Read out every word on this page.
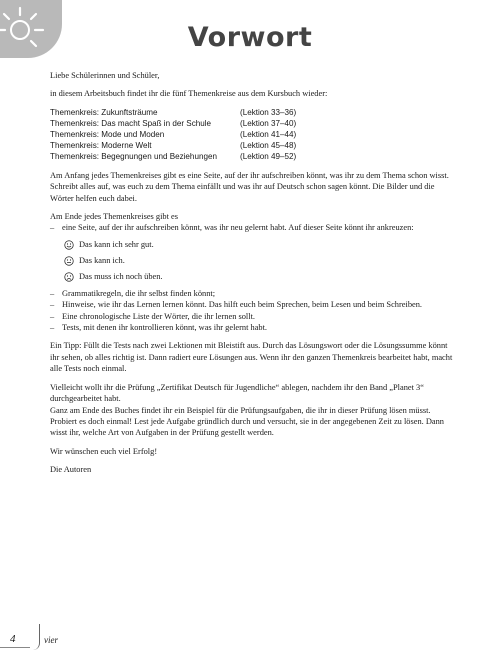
Vorwort

Liebe Schülerinnen und Schüler,

in diesem Arbeitsbuch findet ihr die fünf Themenkreise aus dem Kursbuch wieder:

Themenkreis: Zukunftsträume	(Lektion 33–36)
Themenkreis: Das macht Spaß in der Schule	(Lektion 37–40)
Themenkreis: Mode und Moden	(Lektion 41–44)
Themenkreis: Moderne Welt	(Lektion 45–48)
Themenkreis: Begegnungen und Beziehungen	(Lektion 49–52)

Am Anfang jedes Themenkreises gibt es eine Seite, auf der ihr aufschreiben könnt, was ihr zu dem Thema schon wisst. Schreibt alles auf, was euch zu dem Thema einfällt und was ihr auf Deutsch schon sagen könnt. Die Bilder und die Wörter helfen euch dabei.

Am Ende jedes Themenkreises gibt es
– eine Seite, auf der ihr aufschreiben könnt, was ihr neu gelernt habt. Auf dieser Seite könnt ihr ankreuzen:
Das kann ich sehr gut.
Das kann ich.
Das muss ich noch üben.
– Grammatikregeln, die ihr selbst finden könnt;
– Hinweise, wie ihr das Lernen lernen könnt. Das hilft euch beim Sprechen, beim Lesen und beim Schreiben.
– Eine chronologische Liste der Wörter, die ihr lernen sollt.
– Tests, mit denen ihr kontrollieren könnt, was ihr gelernt habt.

Ein Tipp: Füllt die Tests nach zwei Lektionen mit Bleistift aus. Durch das Lösungswort oder die Lösungssumme könnt ihr sehen, ob alles richtig ist. Dann radiert eure Lösungen aus. Wenn ihr den ganzen Themenkreis bearbeitet habt, macht alle Tests noch einmal.

Vielleicht wollt ihr die Prüfung „Zertifikat Deutsch für Jugendliche“ ablegen, nachdem ihr den Band „Planet 3“ durchgearbeitet habt.
Ganz am Ende des Buches findet ihr ein Beispiel für die Prüfungsaufgaben, die ihr in dieser Prüfung lösen müsst.

Probiert es doch einmal! Lest jede Aufgabe gründlich durch und versucht, sie in der angegebenen Zeit zu lösen. Dann wisst ihr, welche Art von Aufgaben in der Prüfung gestellt werden.

Wir wünschen euch viel Erfolg!

Die Autoren

4	vier
